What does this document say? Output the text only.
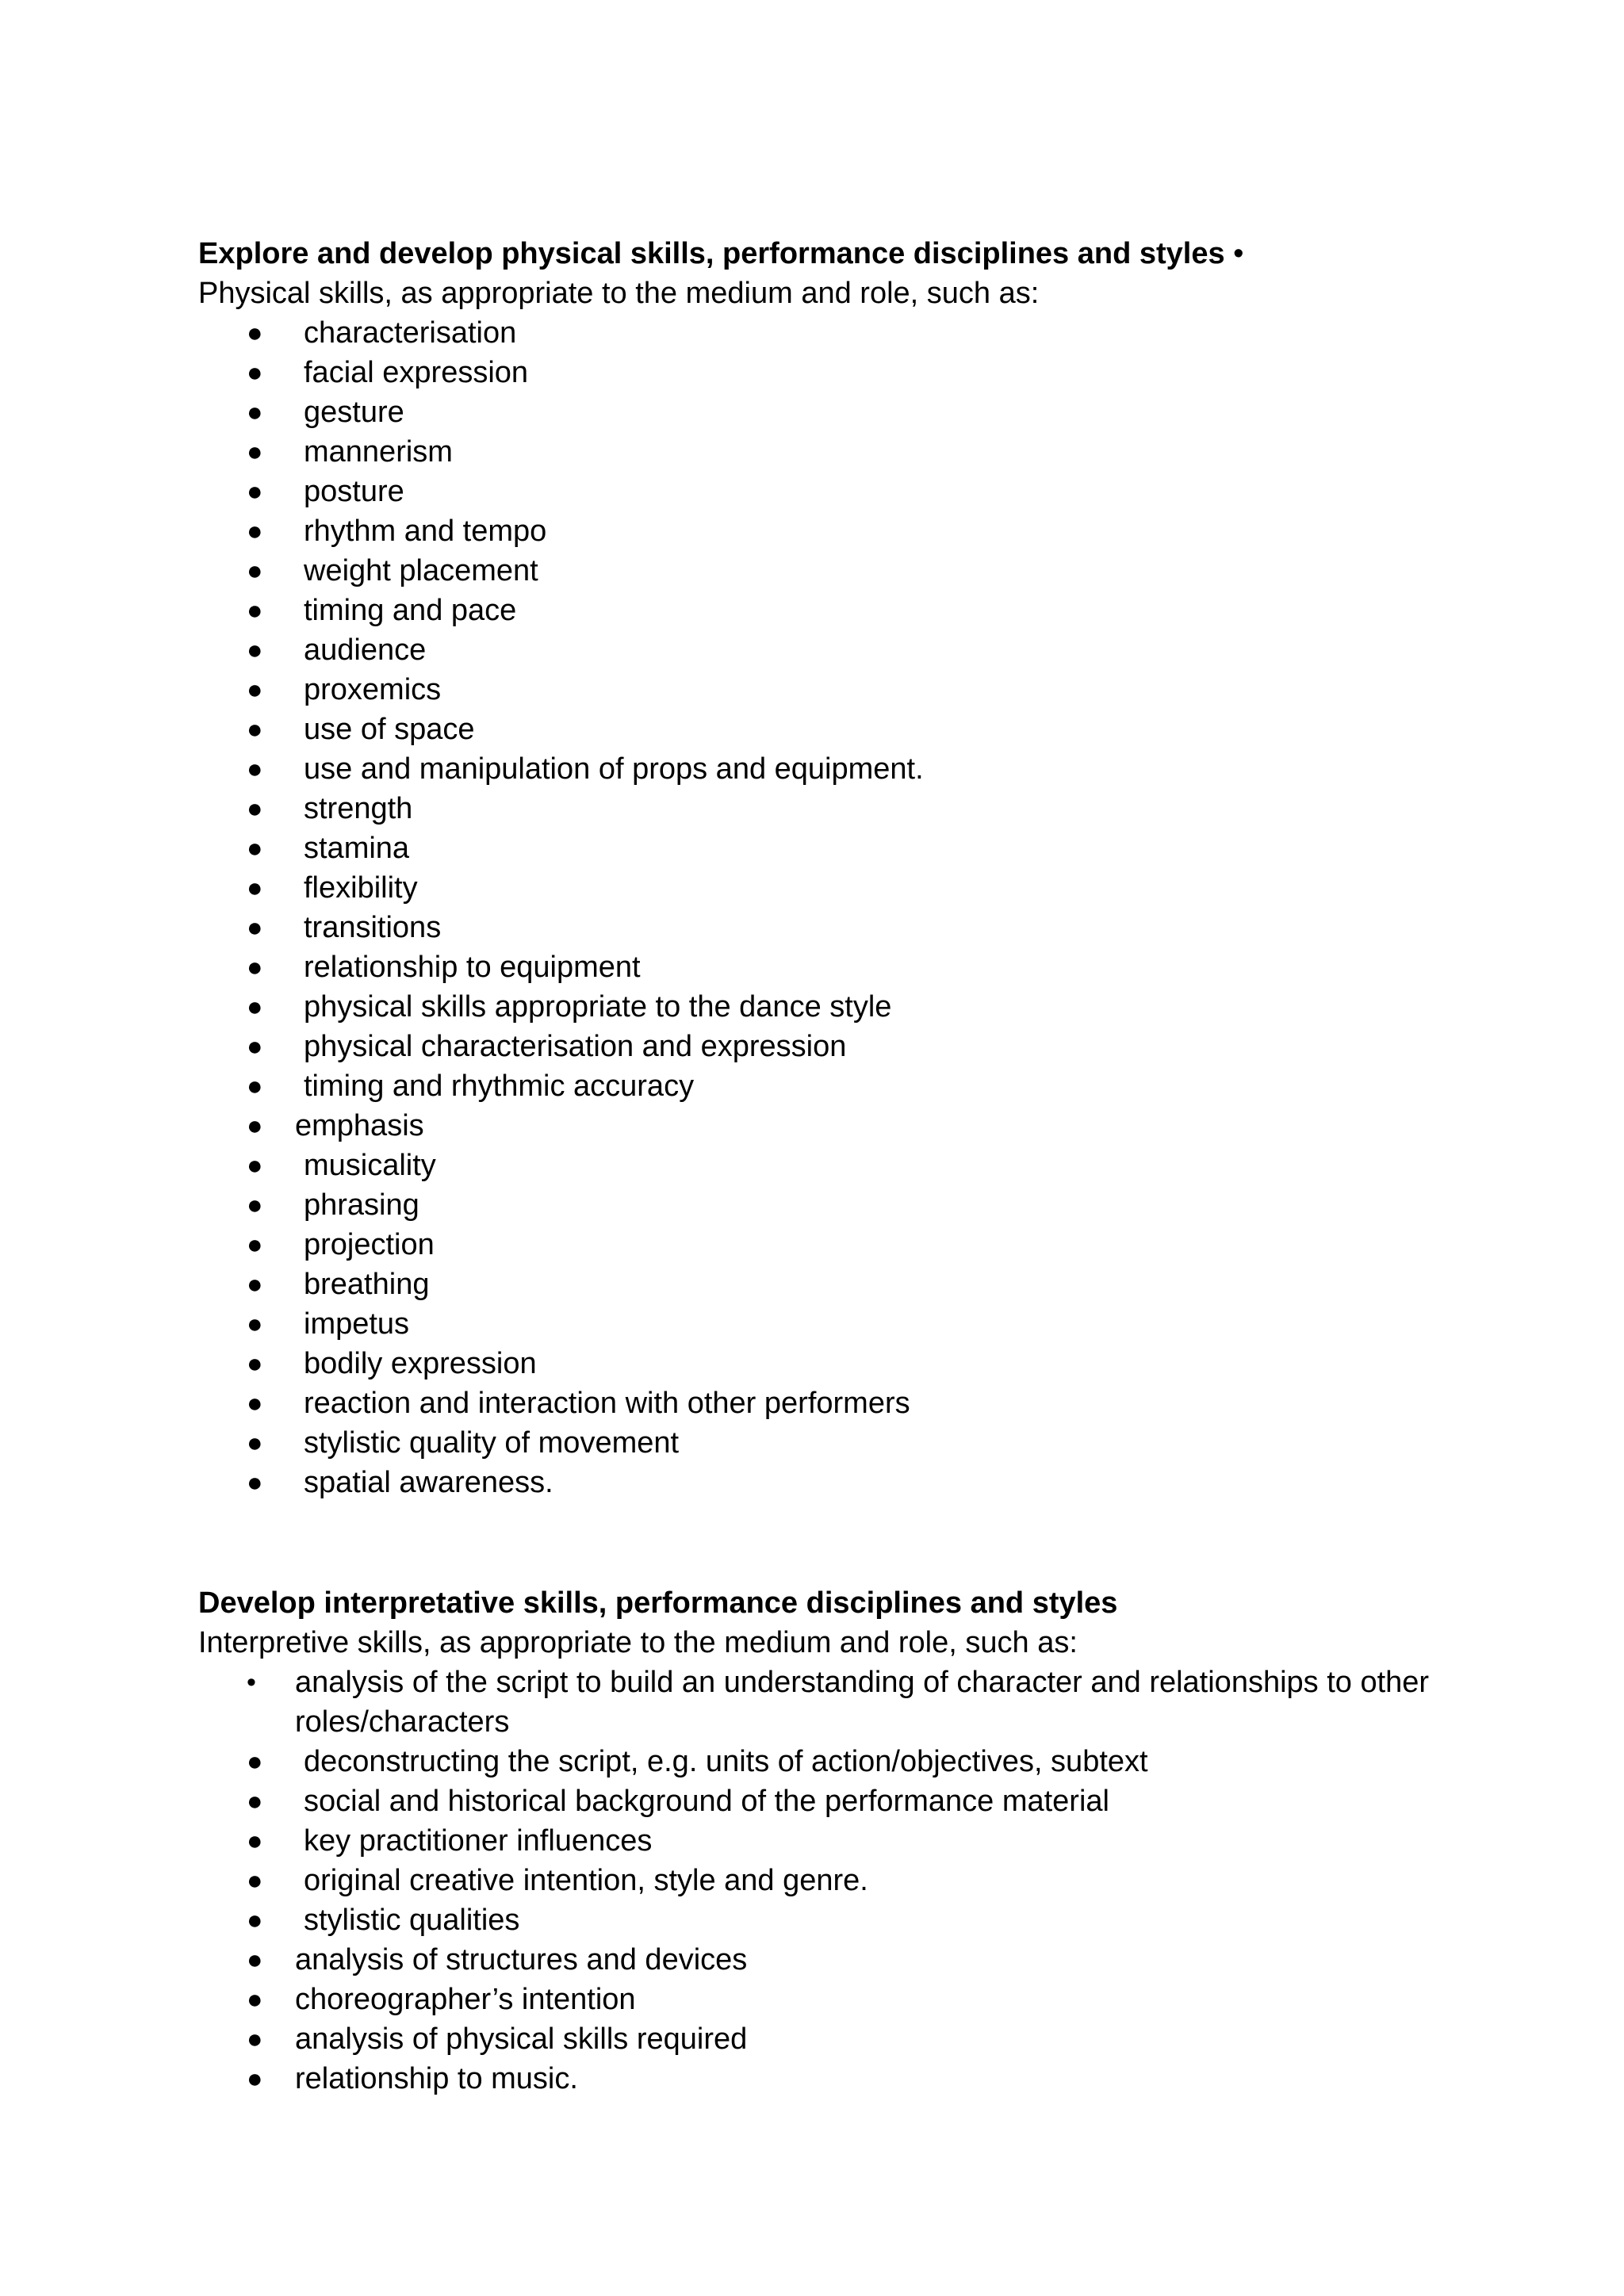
Explore and develop physical skills, performance disciplines and styles •
Physical skills, as appropriate to the medium and role, such as:
●	characterisation
●	facial expression
●	gesture
●	mannerism
●	posture
●	rhythm and tempo
●	weight placement
●	timing and pace
●	audience
●	proxemics
●	use of space
●	use and manipulation of props and equipment.
●	strength
●	stamina
●	flexibility
●	transitions
●	relationship to equipment
●	physical skills appropriate to the dance style
●	physical characterisation and expression
●	timing and rhythmic accuracy
●	emphasis
●	musicality
●	phrasing
●	projection
●	breathing
●	impetus
●	bodily expression
●	reaction and interaction with other performers
●	stylistic quality of movement
●	spatial awareness.
Develop interpretative skills, performance disciplines and styles
Interpretive skills, as appropriate to the medium and role, such as:
•	analysis of the script to build an understanding of character and relationships to other roles/characters
●	deconstructing the script, e.g. units of action/objectives, subtext
●	social and historical background of the performance material
●	key practitioner influences
●	original creative intention, style and genre.
●	stylistic qualities
●	analysis of structures and devices
●	choreographer’s intention
●	analysis of physical skills required
●	relationship to music.
